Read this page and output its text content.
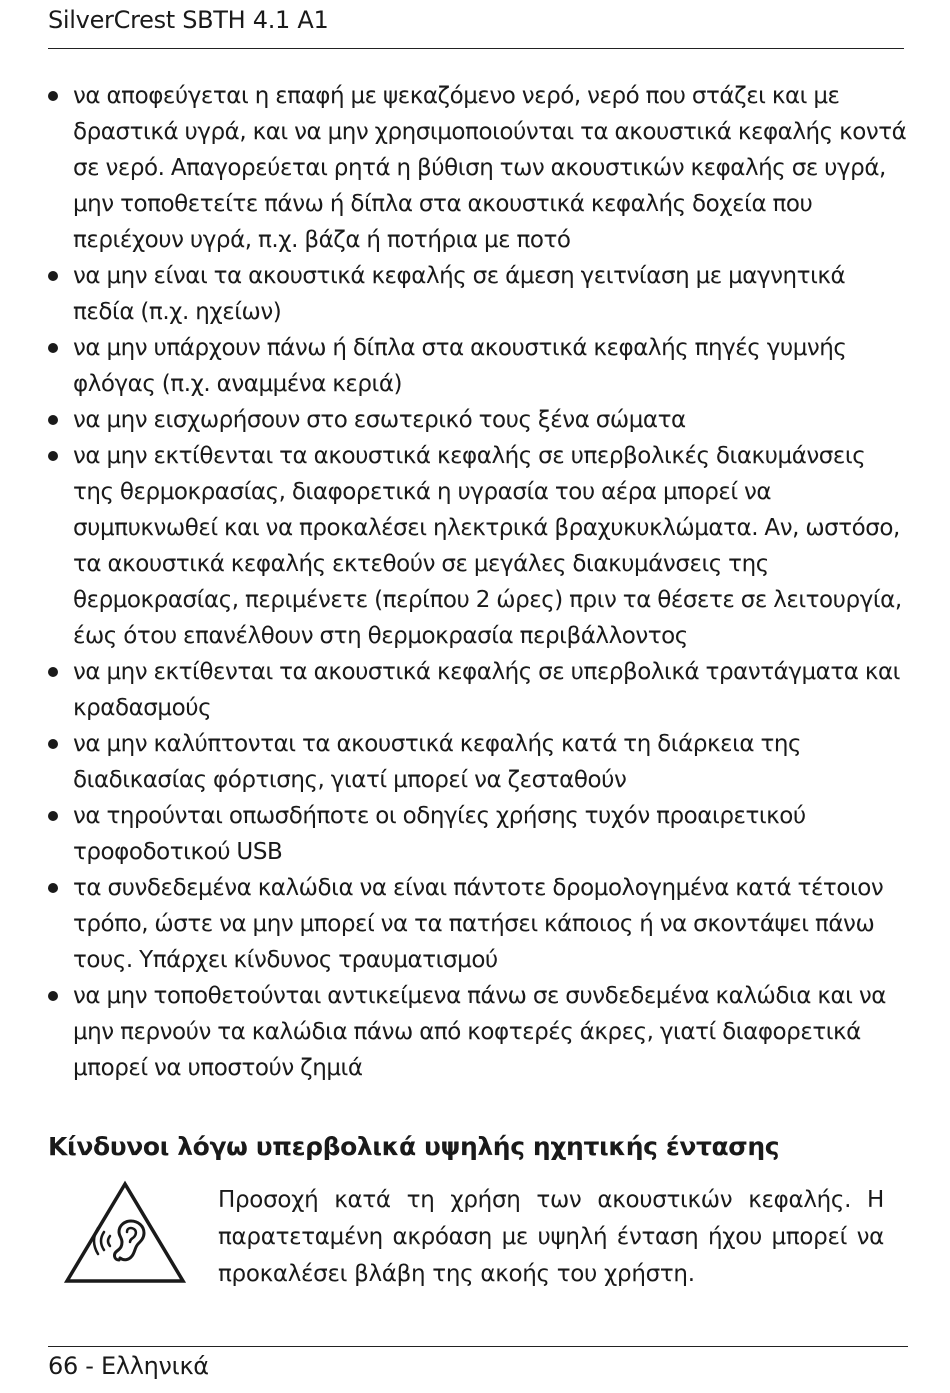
SilverCrest SBTH 4.1 A1
να αποφεύγεται η επαφή με ψεκαζόμενο νερό, νερό που στάζει και με δραστικά υγρά, και να μην χρησιμοποιούνται τα ακουστικά κεφαλής κοντά σε νερό. Απαγορεύεται ρητά η βύθιση των ακουστικών κεφαλής σε υγρά, μην τοποθετείτε πάνω ή δίπλα στα ακουστικά κεφαλής δοχεία που περιέχουν υγρά, π.χ. βάζα ή ποτήρια με ποτό
να μην είναι τα ακουστικά κεφαλής σε άμεση γειτνίαση με μαγνητικά πεδία (π.χ. ηχείων)
να μην υπάρχουν πάνω ή δίπλα στα ακουστικά κεφαλής πηγές γυμνής φλόγας (π.χ. αναμμένα κεριά)
να μην εισχωρήσουν στο εσωτερικό τους ξένα σώματα
να μην εκτίθενται τα ακουστικά κεφαλής σε υπερβολικές διακυμάνσεις της θερμοκρασίας, διαφορετικά η υγρασία του αέρα μπορεί να συμπυκνωθεί και να προκαλέσει ηλεκτρικά βραχυκυκλώματα. Αν, ωστόσο, τα ακουστικά κεφαλής εκτεθούν σε μεγάλες διακυμάνσεις της θερμοκρασίας, περιμένετε (περίπου 2 ώρες) πριν τα θέσετε σε λειτουργία, έως ότου επανέλθουν στη θερμοκρασία περιβάλλοντος
να μην εκτίθενται τα ακουστικά κεφαλής σε υπερβολικά τραντάγματα και κραδασμούς
να μην καλύπτονται τα ακουστικά κεφαλής κατά τη διάρκεια της διαδικασίας φόρτισης, γιατί μπορεί να ζεσταθούν
να τηρούνται οπωσδήποτε οι οδηγίες χρήσης τυχόν προαιρετικού τροφοδοτικού USB
τα συνδεδεμένα καλώδια να είναι πάντοτε δρομολογημένα κατά τέτοιον τρόπο, ώστε να μην μπορεί να τα πατήσει κάποιος ή να σκοντάψει πάνω τους. Υπάρχει κίνδυνος τραυματισμού
να μην τοποθετούνται αντικείμενα πάνω σε συνδεδεμένα καλώδια και να μην περνούν τα καλώδια πάνω από κοφτερές άκρες, γιατί διαφορετικά μπορεί να υποστούν ζημιά
Κίνδυνοι λόγω υπερβολικά υψηλής ηχητικής έντασης

Προσοχή κατά τη χρήση των ακουστικών κεφαλής. Η παρατεταμένη ακρόαση με υψηλή ένταση ήχου μπορεί να προκαλέσει βλάβη της ακοής του χρήστη.

66 - Ελληνικά
